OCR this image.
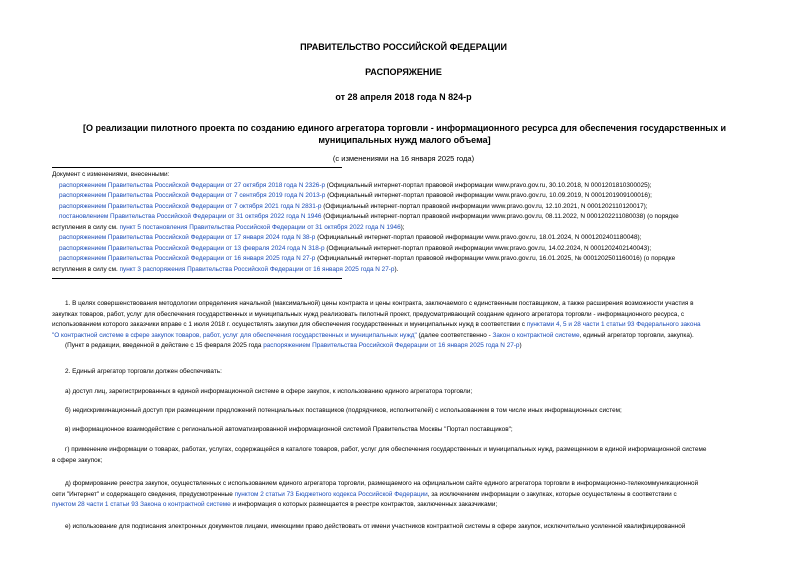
ПРАВИТЕЛЬСТВО РОССИЙСКОЙ ФЕДЕРАЦИИ
РАСПОРЯЖЕНИЕ
от 28 апреля 2018 года N 824-р
[О реализации пилотного проекта по созданию единого агрегатора торговли - информационного ресурса для обеспечения государственных и муниципальных нужд малого объема]
(с изменениями на 16 января 2025 года)
Документ с изменениями, внесенными:
распоряжением Правительства Российской Федерации от 27 октября 2018 года N 2326-р (Официальный интернет-портал правовой информации www.pravo.gov.ru, 30.10.2018, N 0001201810300025);
распоряжением Правительства Российской Федерации от 7 сентября 2019 года N 2013-р (Официальный интернет-портал правовой информации www.pravo.gov.ru, 10.09.2019, N 0001201909100016);
распоряжением Правительства Российской Федерации от 7 октября 2021 года N 2831-р (Официальный интернет-портал правовой информации www.pravo.gov.ru, 12.10.2021, N 0001202110120017);
постановлением Правительства Российской Федерации от 31 октября 2022 года N 1946 (Официальный интернет-портал правовой информации www.pravo.gov.ru, 08.11.2022, N 0001202211080038) (о порядке
вступления в силу см. пункт 5 постановления Правительства Российской Федерации от 31 октября 2022 года N 1946);
распоряжением Правительства Российской Федерации от 17 января 2024 года N 38-р (Официальный интернет-портал правовой информации www.pravo.gov.ru, 18.01.2024, N 0001202401180048);
распоряжением Правительства Российской Федерации от 13 февраля 2024 года N 318-р (Официальный интернет-портал правовой информации www.pravo.gov.ru, 14.02.2024, N 0001202402140043);
распоряжением Правительства Российской Федерации от 16 января 2025 года N 27-р (Официальный интернет-портал правовой информации www.pravo.gov.ru, 16.01.2025, № 0001202501160016) (о порядке
вступления в силу см. пункт 3 распоряжения Правительства Российской Федерации от 16 января 2025 года N 27-р).
1. В целях совершенствования методологии определения начальной (максимальной) цены контракта и цены контракта, заключаемого с единственным поставщиком, а также расширения возможности участия в
закупках товаров, работ, услуг для обеспечения государственных и муниципальных нужд реализовать пилотный проект, предусматривающий создание единого агрегатора торговли - информационного ресурса, с
использованием которого заказчики вправе с 1 июля 2018 г. осуществлять закупки для обеспечения государственных и муниципальных нужд в соответствии с пунктами 4, 5 и 28 части 1 статьи 93 Федерального закона
"О контрактной системе в сфере закупок товаров, работ, услуг для обеспечения государственных и муниципальных нужд" (далее соответственно - Закон о контрактной системе, единый агрегатор торговли, закупка).
(Пункт в редакции, введенной в действие с 15 февраля 2025 года распоряжением Правительства Российской Федерации от 16 января 2025 года N 27-р)
2. Единый агрегатор торговли должен обеспечивать:
а) доступ лиц, зарегистрированных в единой информационной системе в сфере закупок, к использованию единого агрегатора торговли;
б) недискриминационный доступ при размещении предложений потенциальных поставщиков (подрядчиков, исполнителей) с использованием в том числе иных информационных систем;
в) информационное взаимодействие с региональной автоматизированной информационной системой Правительства Москвы "Портал поставщиков";
г) применение информации о товарах, работах, услугах, содержащейся в каталоге товаров, работ, услуг для обеспечения государственных и муниципальных нужд, размещенном в единой информационной системе
в сфере закупок;
д) формирование реестра закупок, осуществленных с использованием единого агрегатора торговли, размещаемого на официальном сайте единого агрегатора торговли в информационно-телекоммуникационной
сети "Интернет" и содержащего сведения, предусмотренные пунктом 2 статьи 73 Бюджетного кодекса Российской Федерации, за исключением информации о закупках, которые осуществлены в соответствии с
пунктом 28 части 1 статьи 93 Закона о контрактной системе и информация о которых размещается в реестре контрактов, заключенных заказчиками;
е) использование для подписания электронных документов лицами, имеющими право действовать от имени участников контрактной системы в сфере закупок, исключительно усиленной квалифицированной
